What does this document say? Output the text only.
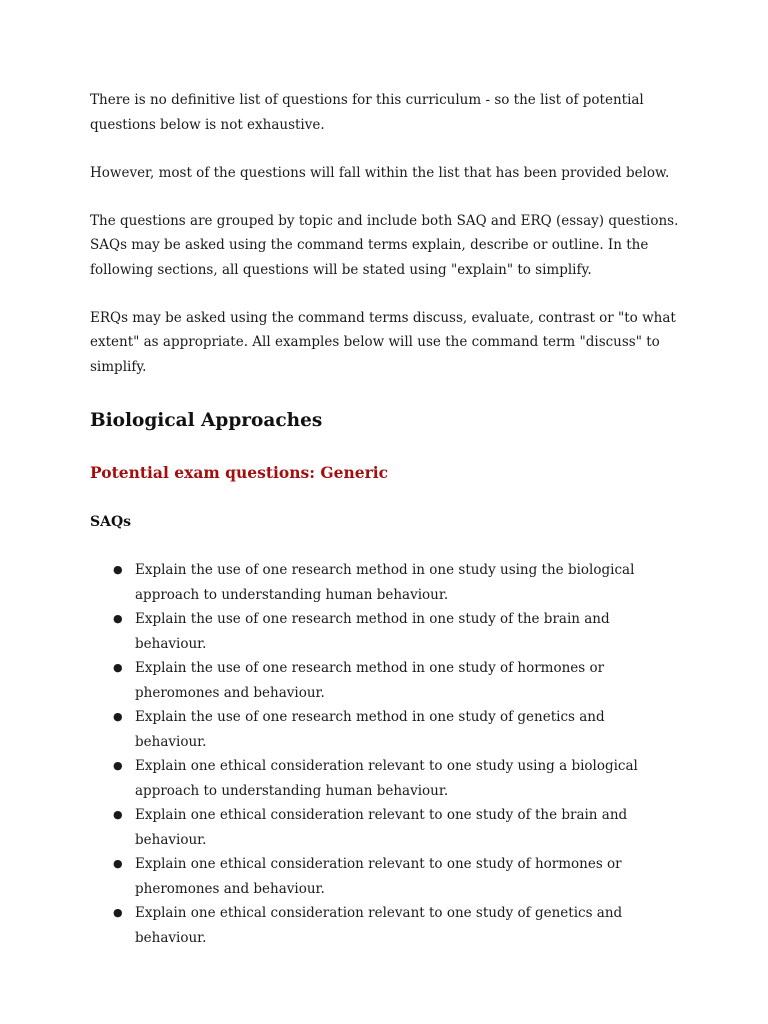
There is no definitive list of questions for this curriculum - so the list of potential questions below is not exhaustive.

However, most of the questions will fall within the list that has been provided below.

The questions are grouped by topic and include both SAQ and ERQ (essay) questions.

SAQs may be asked using the command terms explain, describe or outline. In the following sections, all questions will be stated using "explain" to simplify.

ERQs may be asked using the command terms discuss, evaluate, contrast or "to what extent" as appropriate. All examples below will use the command term "discuss" to simplify.

Biological Approaches
Potential exam questions: Generic
SAQs
● Explain the use of one research method in one study using the biological approach to understanding human behaviour.
● Explain the use of one research method in one study of the brain and behaviour.
● Explain the use of one research method in one study of hormones or pheromones and behaviour.
● Explain the use of one research method in one study of genetics and behaviour.
● Explain one ethical consideration relevant to one study using a biological approach to understanding human behaviour.
● Explain one ethical consideration relevant to one study of the brain and behaviour.
● Explain one ethical consideration relevant to one study of hormones or pheromones and behaviour.
● Explain one ethical consideration relevant to one study of genetics and behaviour.
